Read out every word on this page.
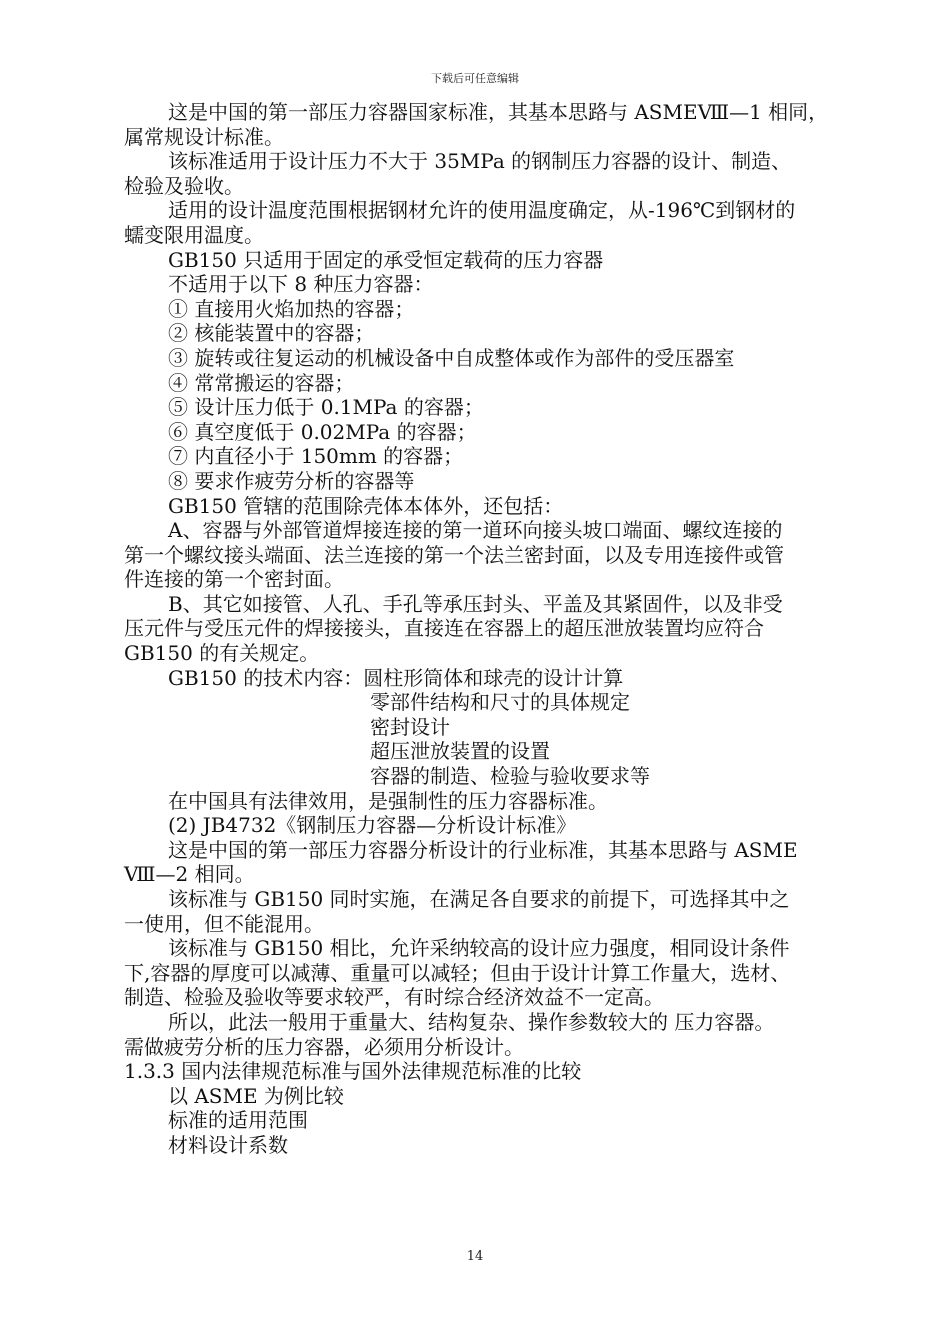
下载后可任意编辑
这是中国的第一部压力容器国家标准，其基本思路与 ASMEⅧ—1 相同，
属常规设计标准。
该标准适用于设计压力不大于 35MPa 的钢制压力容器的设计、制造、
检验及验收。
适用的设计温度范围根据钢材允许的使用温度确定，从-196℃到钢材的
蠕变限用温度。
GB150 只适用于固定的承受恒定载荷的压力容器
不适用于以下 8 种压力容器：
① 直接用火焰加热的容器；
② 核能装置中的容器；
③ 旋转或往复运动的机械设备中自成整体或作为部件的受压器室
④ 常常搬运的容器；
⑤ 设计压力低于 0.1MPa 的容器；
⑥ 真空度低于 0.02MPa 的容器；
⑦ 内直径小于 150mm 的容器；
⑧ 要求作疲劳分析的容器等
GB150 管辖的范围除壳体本体外，还包括：
A、容器与外部管道焊接连接的第一道环向接头坡口端面、螺纹连接的
第一个螺纹接头端面、法兰连接的第一个法兰密封面，以及专用连接件或管
件连接的第一个密封面。
B、其它如接管、人孔、手孔等承压封头、平盖及其紧固件，以及非受
压元件与受压元件的焊接接头，直接连在容器上的超压泄放装置均应符合
GB150 的有关规定。
GB150 的技术内容：圆柱形筒体和球壳的设计计算
零部件结构和尺寸的具体规定
密封设计
超压泄放装置的设置
容器的制造、检验与验收要求等
在中国具有法律效用，是强制性的压力容器标准。
(2) JB4732《钢制压力容器—分析设计标准》
这是中国的第一部压力容器分析设计的行业标准，其基本思路与 ASME
Ⅷ—2 相同。
该标准与 GB150 同时实施，在满足各自要求的前提下，可选择其中之
一使用，但不能混用。
该标准与 GB150 相比，允许采纳较高的设计应力强度，相同设计条件
下,容器的厚度可以减薄、重量可以减轻；但由于设计计算工作量大，选材、
制造、检验及验收等要求较严，有时综合经济效益不一定高。
所以，此法一般用于重量大、结构复杂、操作参数较大的 压力容器。
需做疲劳分析的压力容器，必须用分析设计。
1.3.3 国内法律规范标准与国外法律规范标准的比较
以 ASME 为例比较
标准的适用范围
材料设计系数
14
